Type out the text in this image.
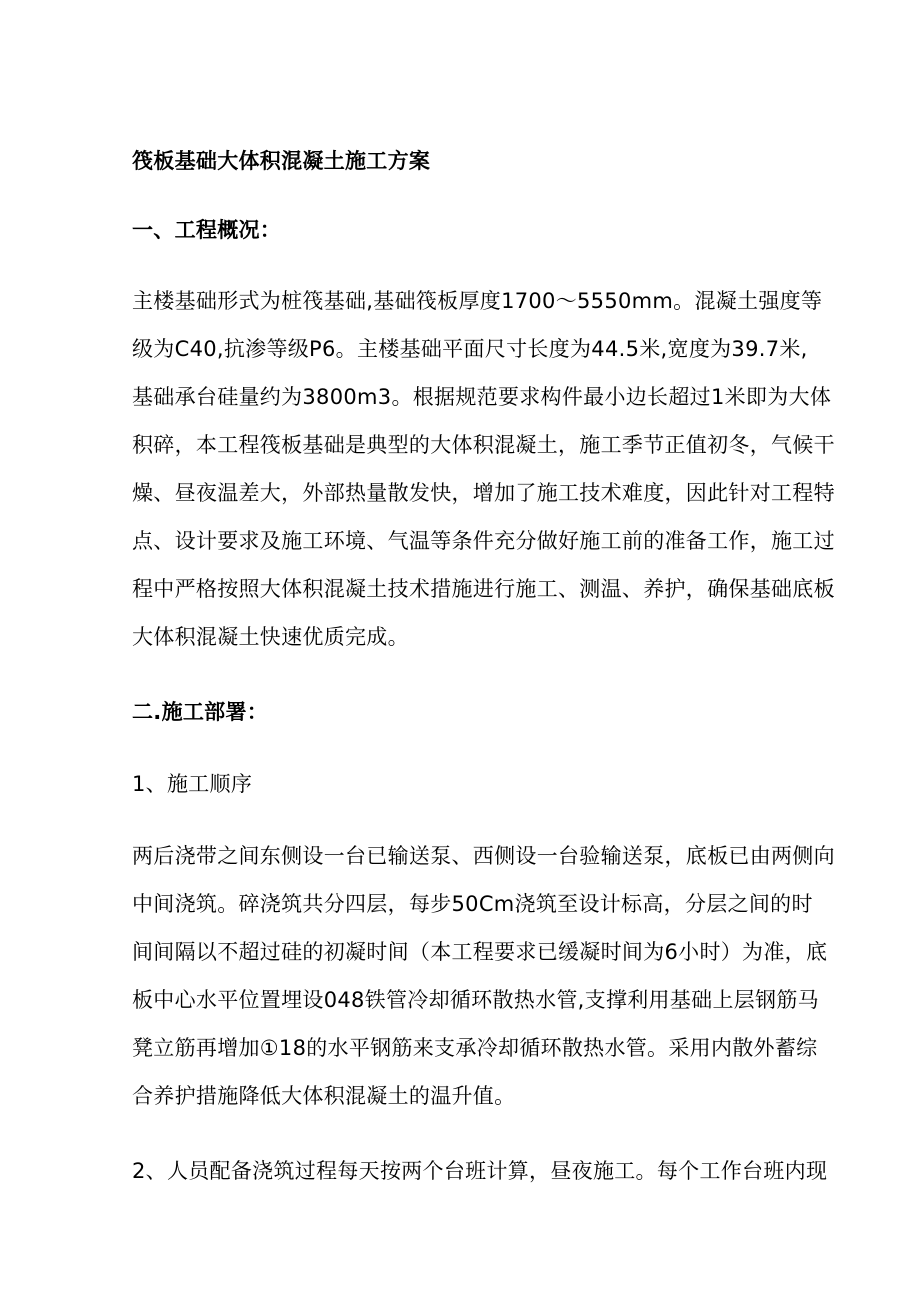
筏板基础大体积混凝土施工方案
一、工程概况：
主楼基础形式为桩筏基础,基础筏板厚度1700～5550mm。混凝土强度等
级为C40,抗渗等级P6。主楼基础平面尺寸长度为44.5米,宽度为39.7米,
基础承台硅量约为3800m3。根据规范要求构件最小边长超过1米即为大体
积碎，本工程筏板基础是典型的大体积混凝土，施工季节正值初冬，气候干
燥、昼夜温差大，外部热量散发快，增加了施工技术难度，因此针对工程特
点、设计要求及施工环境、气温等条件充分做好施工前的准备工作，施工过
程中严格按照大体积混凝土技术措施进行施工、测温、养护，确保基础底板
大体积混凝土快速优质完成。
二.施工部署：
1、施工顺序
两后浇带之间东侧设一台已输送泵、西侧设一台验输送泵，底板已由两侧向
中间浇筑。碎浇筑共分四层，每步50Cm浇筑至设计标高，分层之间的时
间间隔以不超过硅的初凝时间（本工程要求已缓凝时间为6小时）为准，底
板中心水平位置埋设048铁管冷却循环散热水管,支撑利用基础上层钢筋马
凳立筋再增加①18的水平钢筋来支承冷却循环散热水管。采用内散外蓄综
合养护措施降低大体积混凝土的温升值。
2、人员配备浇筑过程每天按两个台班计算，昼夜施工。每个工作台班内现
